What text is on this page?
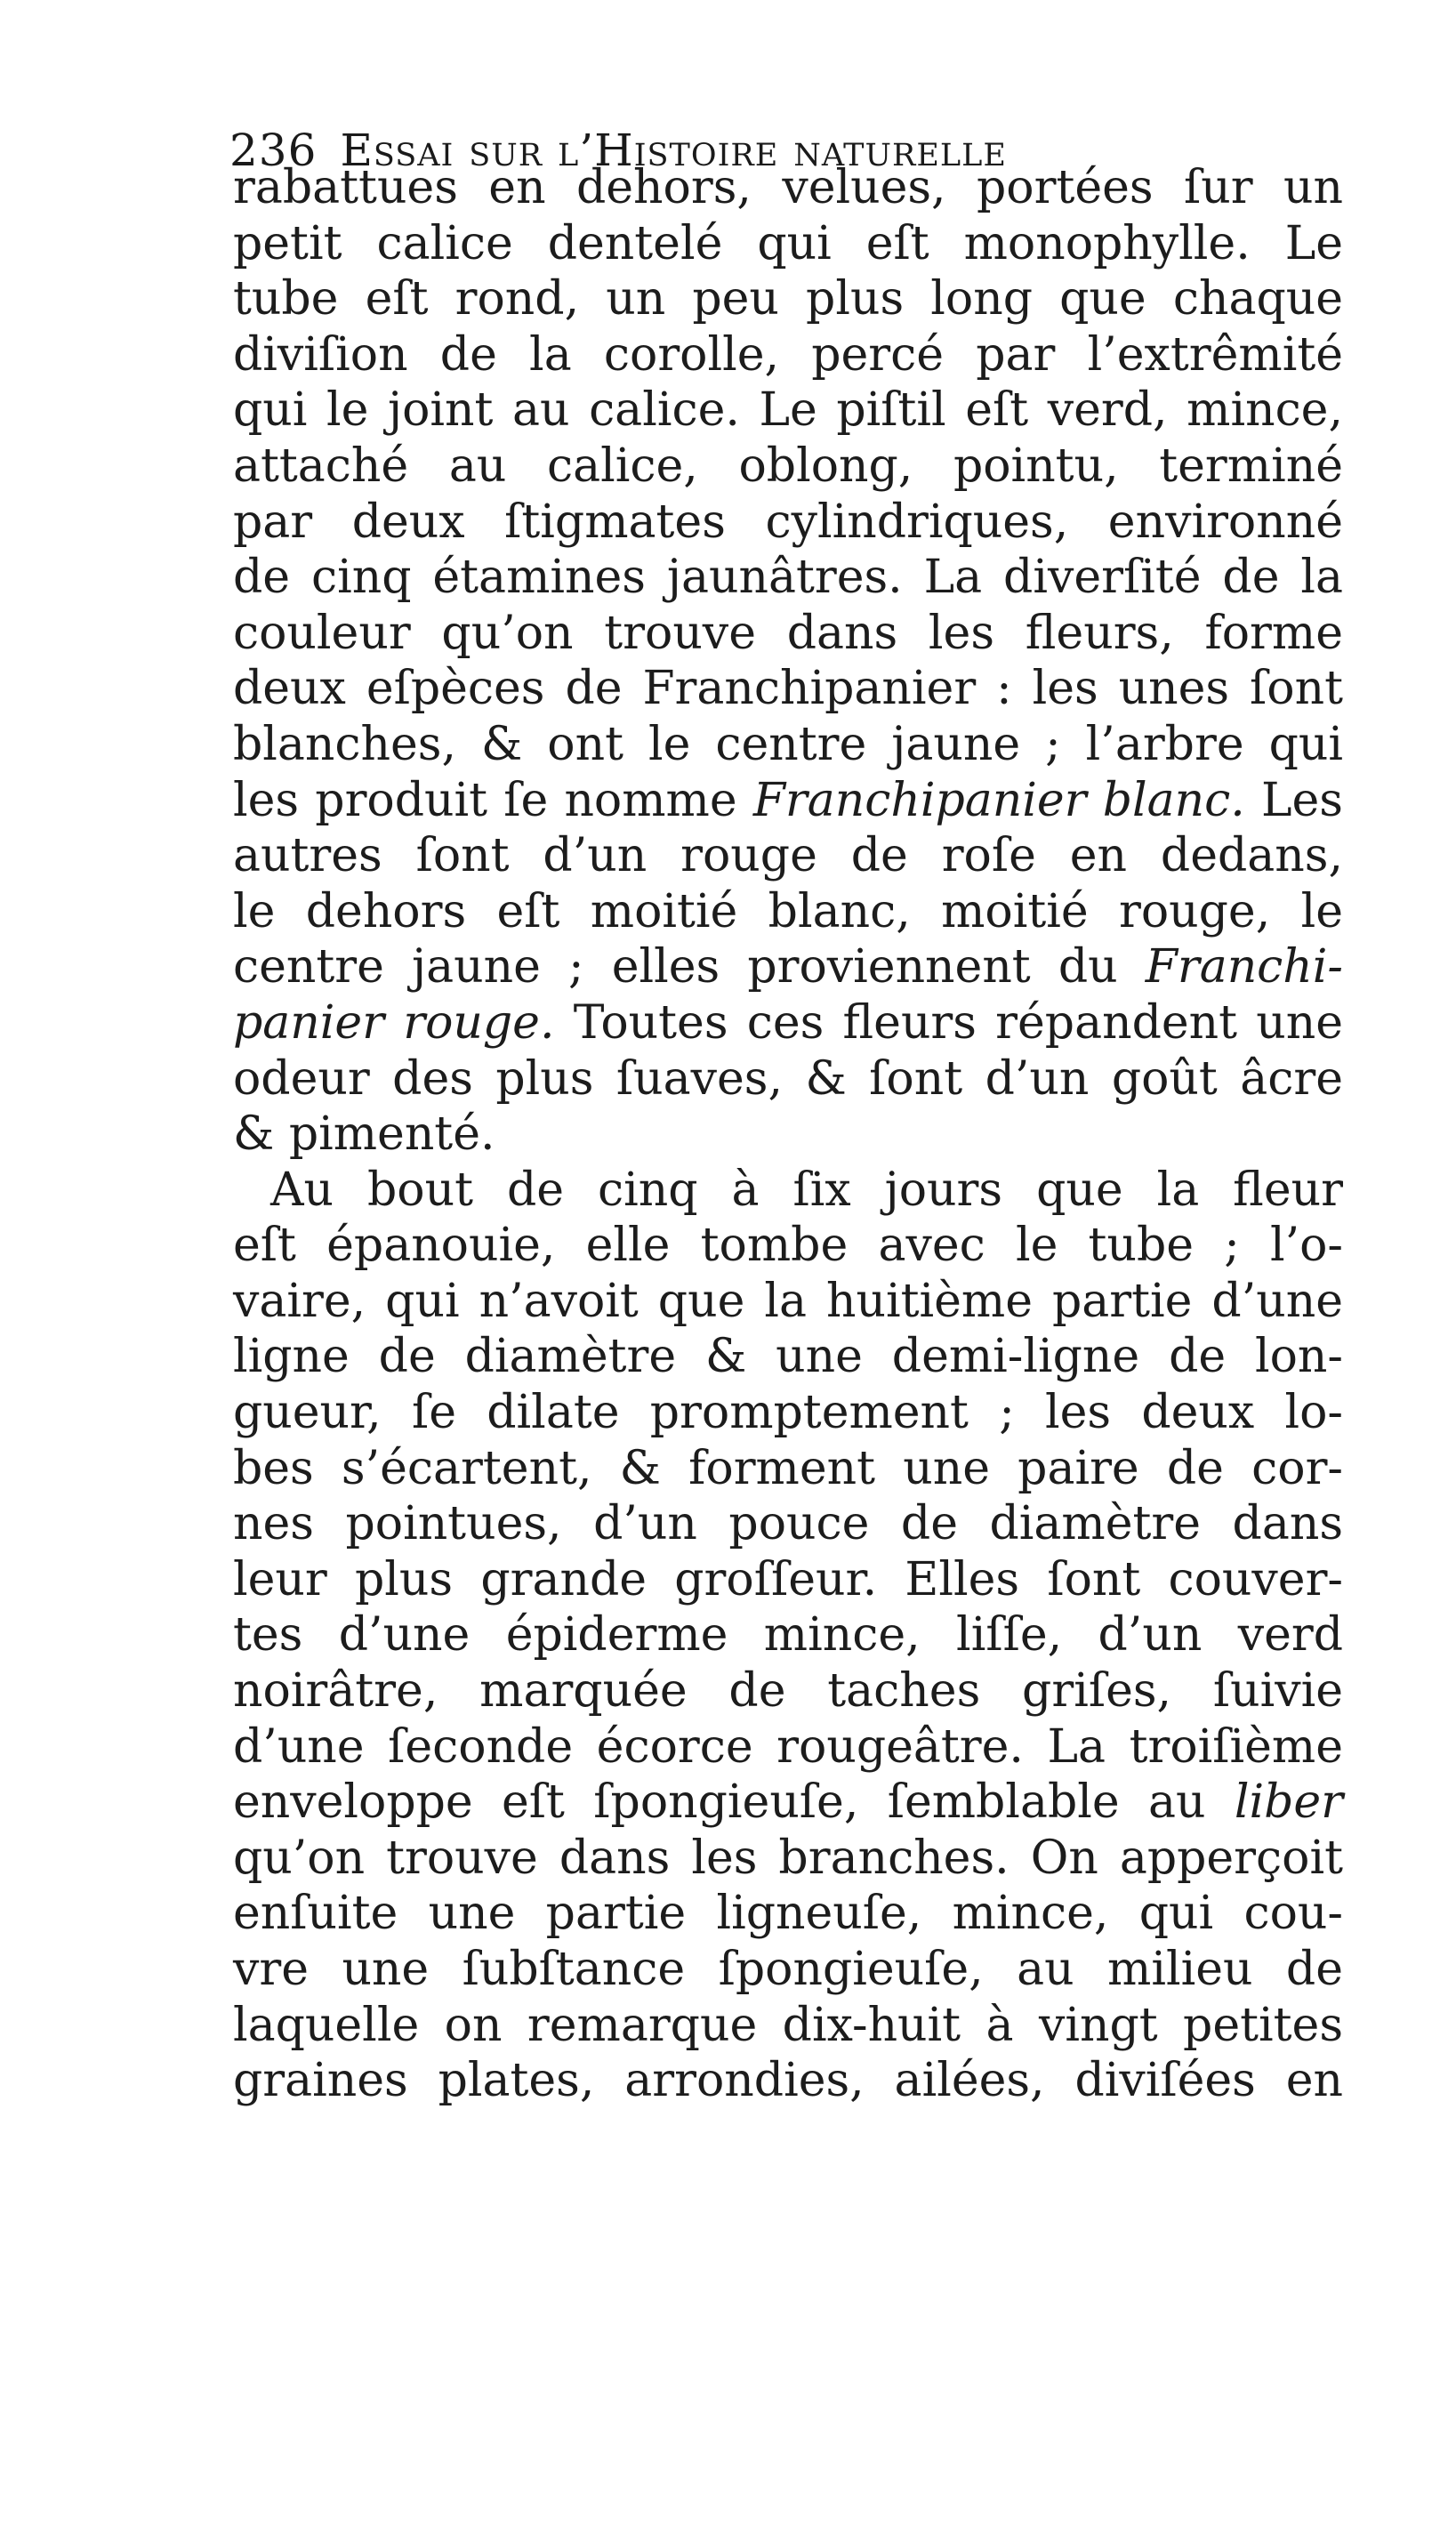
236 Essai sur l’Histoire naturelle
rabattues en dehors, velues, portées ſur un
petit calice dentelé qui eſt monophylle. Le
tube eſt rond, un peu plus long que chaque
diviſion de la corolle, percé par l’extrêmité
qui le joint au calice. Le piſtil eſt verd, mince,
attaché au calice, oblong, pointu, terminé
par deux ſtigmates cylindriques, environné
de cinq étamines jaunâtres. La diverſité de la
couleur qu’on trouve dans les fleurs, forme
deux eſpèces de Franchipanier : les unes ſont
blanches, & ont le centre jaune ; l’arbre qui
les produit ſe nomme Franchipanier blanc. Les
autres ſont d’un rouge de roſe en dedans,
le dehors eſt moitié blanc, moitié rouge, le
centre jaune ; elles proviennent du Franchi-
panier rouge. Toutes ces fleurs répandent une
odeur des plus ſuaves, & ſont d’un goût âcre
& pimenté.
Au bout de cinq à ſix jours que la fleur
eſt épanouie, elle tombe avec le tube ; l’o-
vaire, qui n’avoit que la huitième partie d’une
ligne de diamètre & une demi-ligne de lon-
gueur, ſe dilate promptement ; les deux lo-
bes s’écartent, & forment une paire de cor-
nes pointues, d’un pouce de diamètre dans
leur plus grande groſſeur. Elles ſont couver-
tes d’une épiderme mince, liſſe, d’un verd
noirâtre, marquée de taches griſes, ſuivie
d’une ſeconde écorce rougeâtre. La troiſième
enveloppe eſt ſpongieuſe, ſemblable au liber
qu’on trouve dans les branches. On apperçoit
enſuite une partie ligneuſe, mince, qui cou-
vre une ſubſtance ſpongieuſe, au milieu de
laquelle on remarque dix-huit à vingt petites
graines plates, arrondies, ailées, diviſées en
